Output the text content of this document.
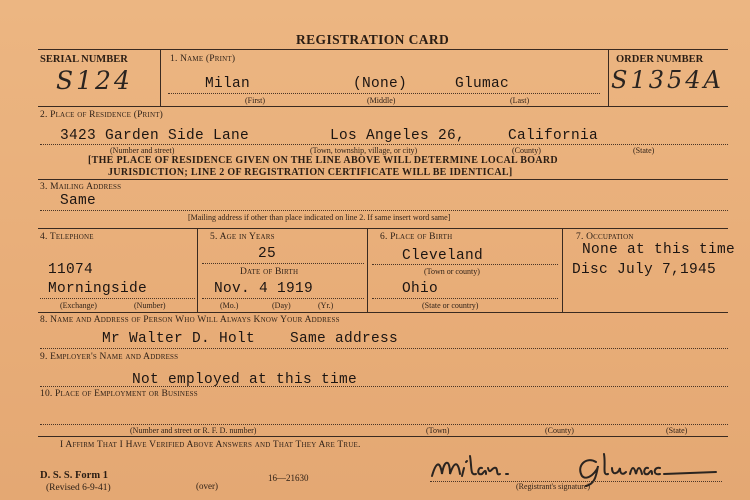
REGISTRATION CARD
SERIAL NUMBER
S124
1. Name (Print)
Milan	(None)	Glumac
(First)	(Middle)	(Last)
ORDER NUMBER
S1354A
2. Place of Residence (Print)
3423 Garden Side Lane	Los Angeles 26,	California
(Number and street)	(Town, township, village, or city)	(County)	(State)
[THE PLACE OF RESIDENCE GIVEN ON THE LINE ABOVE WILL DETERMINE LOCAL BOARD
JURISDICTION; LINE 2 OF REGISTRATION CERTIFICATE WILL BE IDENTICAL]
3. Mailing Address
Same
[Mailing address if other than place indicated on line 2. If same insert word same]
4. Telephone
11074
Morningside
(Exchange)	(Number)
5. Age in Years
25
Date of Birth
Nov. 4 1919
(Mo.)	(Day)	(Yr.)
6. Place of Birth
Cleveland
(Town or county)
Ohio
(State or country)
7. Occupation
None at this time
Disc July 7,1945
8. Name and Address of Person Who Will Always Know Your Address
Mr Walter D. Holt Same address
9. Employer's Name and Address
Not employed at this time
10. Place of Employment or Business
(Number and street or R. F. D. number)	(Town)	(County)	(State)
I Affirm That I Have Verified Above Answers and That They Are True.	Milan Glumac
(Registrant's signature)
D. S. S. Form 1
(Revised 6-9-41)	(over)
16—21630
